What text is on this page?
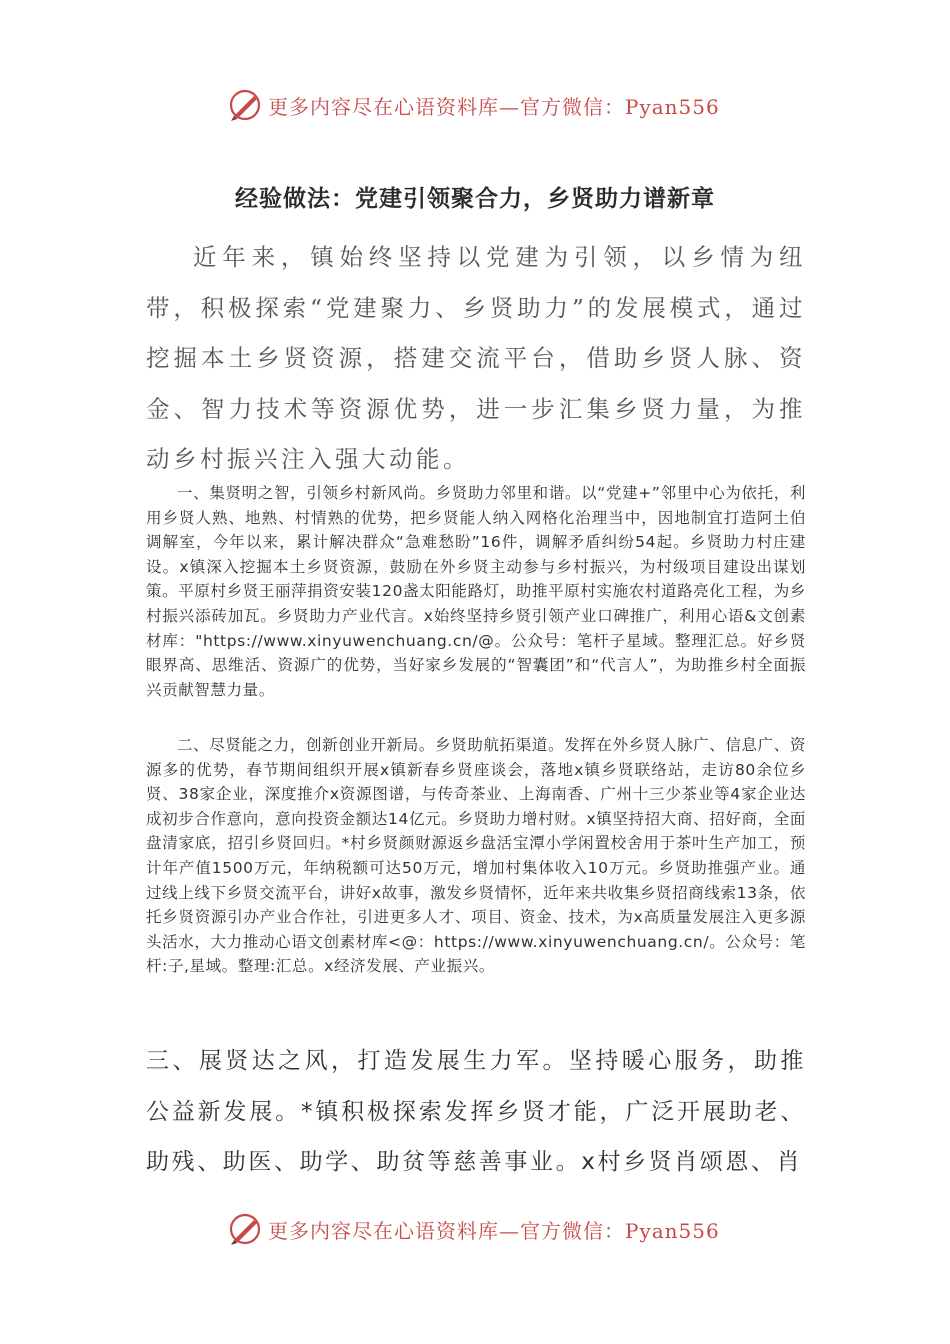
更多内容尽在心语资料库—官方微信：Pyan556
经验做法：党建引领聚合力，乡贤助力谱新章

近年来，镇始终坚持以党建为引领，以乡情为纽带，积极探索“党建聚力、乡贤助力”的发展模式，通过挖掘本土乡贤资源，搭建交流平台，借助乡贤人脉、资金、智力技术等资源优势，进一步汇集乡贤力量，为推动乡村振兴注入强大动能。

一、集贤明之智，引领乡村新风尚。乡贤助力邻里和谐。以“党建+”邻里中心为依托，利用乡贤人熟、地熟、村情熟的优势，把乡贤能人纳入网格化治理当中，因地制宜打造阿土伯调解室，今年以来，累计解决群众“急难愁盼”16件，调解矛盾纠纷54起。乡贤助力村庄建设。x镇深入挖掘本土乡贤资源，鼓励在外乡贤主动参与乡村振兴，为村级项目建设出谋划策。平原村乡贤王丽萍捐资安装120盏太阳能路灯，助推平原村实施农村道路亮化工程，为乡村振兴添砖加瓦。乡贤助力产业代言。x始终坚持乡贤引领产业口碑推广，利用心语&文创素材库："https://www.xinyuwenchuang.cn/@。公众号：笔杆子星域。整理汇总。好乡贤眼界高、思维活、资源广的优势，当好家乡发展的“智囊团”和“代言人”，为助推乡村全面振兴贡献智慧力量。

二、尽贤能之力，创新创业开新局。乡贤助航拓渠道。发挥在外乡贤人脉广、信息广、资源多的优势，春节期间组织开展x镇新春乡贤座谈会，落地x镇乡贤联络站，走访80余位乡贤、38家企业，深度推介x资源图谱，与传奇茶业、上海南香、广州十三少茶业等4家企业达成初步合作意向，意向投资金额达14亿元。乡贤助力增村财。x镇坚持招大商、招好商，全面盘清家底，招引乡贤回归。*村乡贤颜财源返乡盘活宝潭小学闲置校舍用于茶叶生产加工，预计年产值1500万元，年纳税额可达50万元，增加村集体收入10万元。乡贤助推强产业。通过线上线下乡贤交流平台，讲好x故事，激发乡贤情怀，近年来共收集乡贤招商线索13条，依托乡贤资源引办产业合作社，引进更多人才、项目、资金、技术，为x高质量发展注入更多源头活水，大力推动心语文创素材库<@：https://www.xinyuwenchuang.cn/。公众号：笔杆:子,星域。整理:汇总。x经济发展、产业振兴。

三、展贤达之风，打造发展生力军。坚持暖心服务，助推公益新发展。*镇积极探索发挥乡贤才能，广泛开展助老、助残、助医、助学、助贫等慈善事业。x村乡贤肖颂恩、肖

更多内容尽在心语资料库—官方微信：Pyan556
